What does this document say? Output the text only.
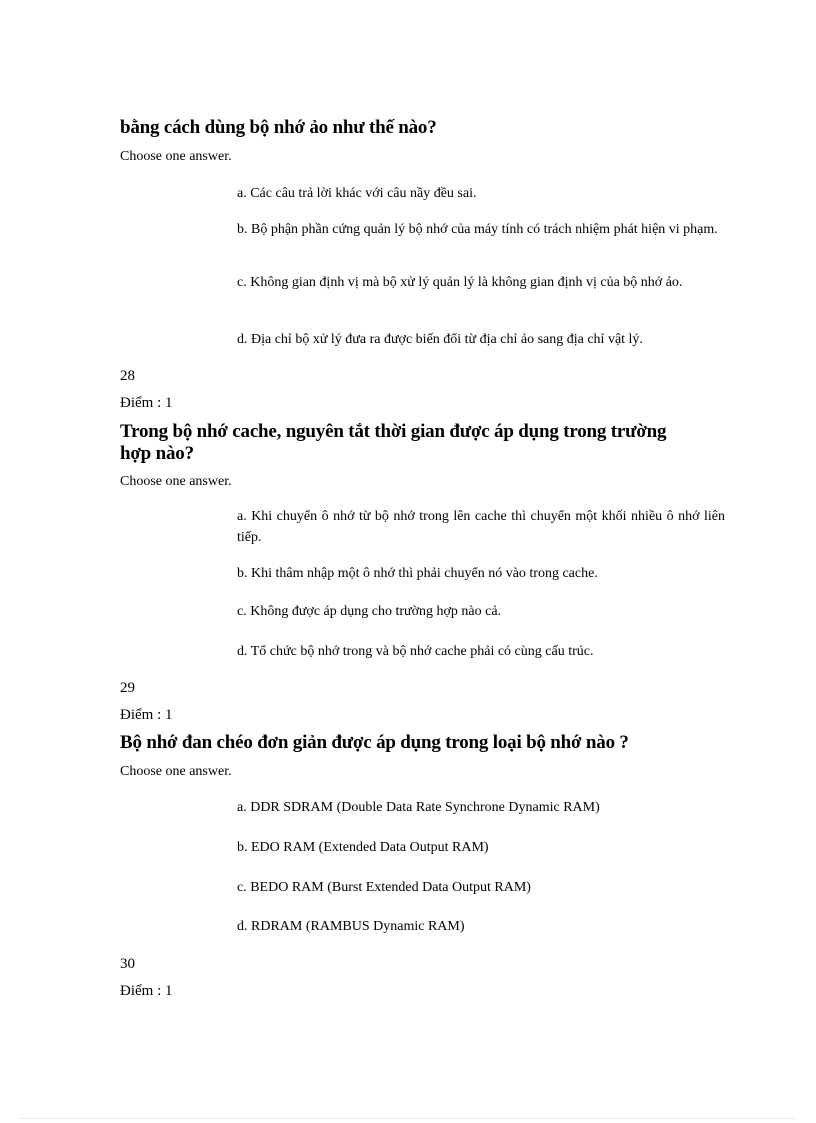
bằng cách dùng bộ nhớ ảo như thế nào?
Choose one answer.
a. Các câu trả lời khác với câu nầy đều sai.
b. Bộ phận phần cứng quản lý bộ nhớ của máy tính có trách nhiệm phát hiện vi phạm.
c. Không gian định vị mà bộ xử lý quản lý là không gian định vị của bộ nhớ ảo.
d. Địa chỉ bộ xử lý đưa ra được biến đổi từ địa chỉ ảo sang địa chỉ vật lý.
28
Điểm : 1
Trong bộ nhớ cache, nguyên tắt thời gian được áp dụng trong trường
hợp nào?
Choose one answer.
a. Khi chuyển ô nhớ từ bộ nhớ trong lên cache thì chuyển một khối nhiều ô nhớ liên tiếp.
b. Khi thâm nhập một ô nhớ thì phải chuyển nó vào trong cache.
c. Không được áp dụng cho trường hợp nào cả.
d. Tổ chức bộ nhớ trong và bộ nhớ cache phải có cùng cấu trúc.
29
Điểm : 1
Bộ nhớ đan chéo đơn giản được áp dụng trong loại bộ nhớ nào ?
Choose one answer.
a. DDR SDRAM (Double Data Rate Synchrone Dynamic RAM)
b. EDO RAM (Extended Data Output RAM)
c. BEDO RAM (Burst Extended Data Output RAM)
d. RDRAM (RAMBUS Dynamic RAM)
30
Điểm : 1
